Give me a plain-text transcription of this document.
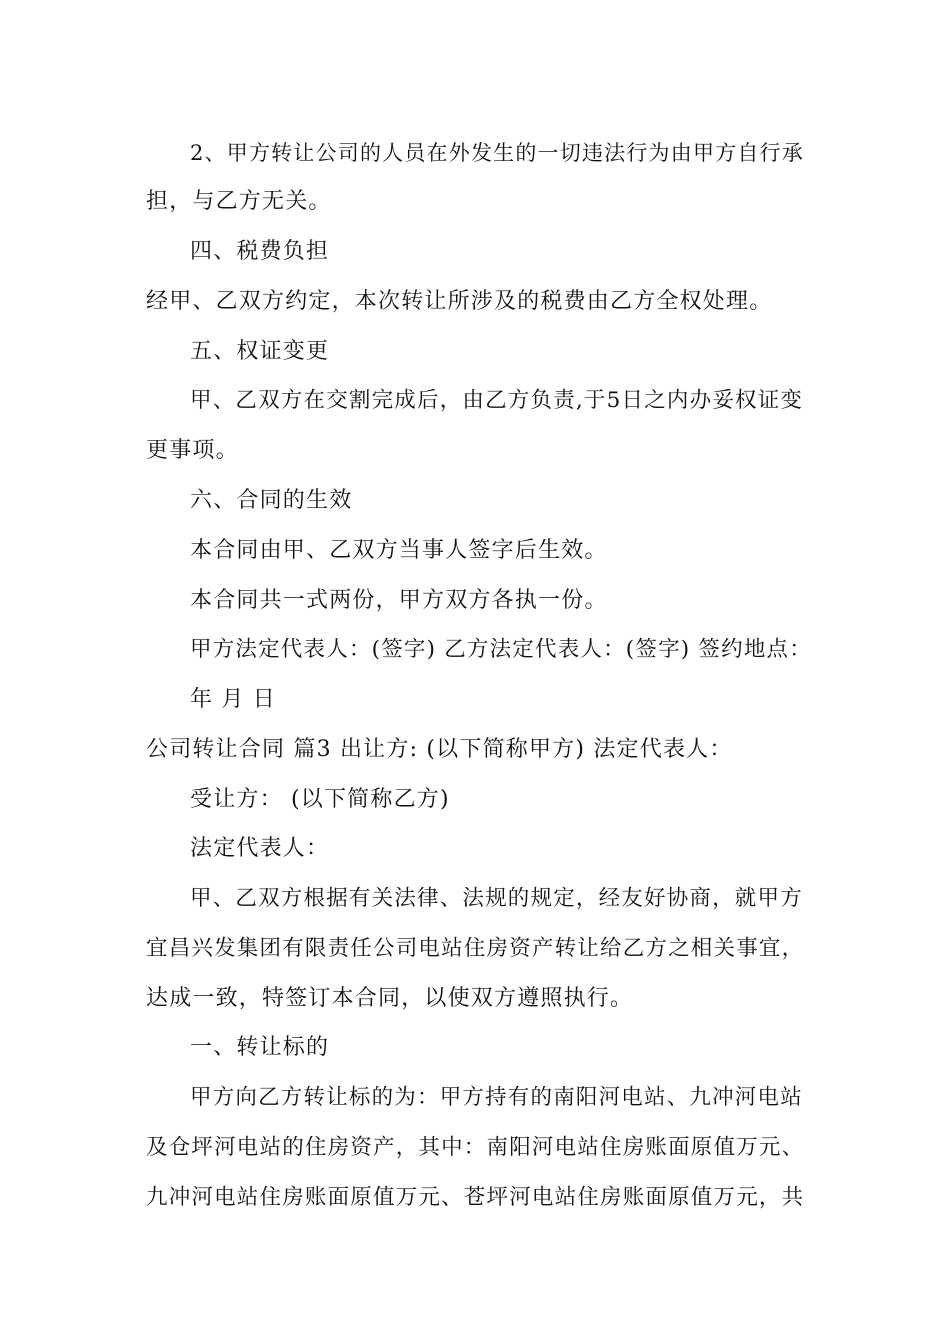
2、甲方转让公司的人员在外发生的一切违法行为由甲方自行承
担，与乙方无关。
四、税费负担
经甲、乙双方约定，本次转让所涉及的税费由乙方全权处理。
五、权证变更
甲、乙双方在交割完成后，由乙方负责,于5日之内办妥权证变
更事项。
六、合同的生效
本合同由甲、乙双方当事人签字后生效。
本合同共一式两份，甲方双方各执一份。
甲方法定代表人：(签字) 乙方法定代表人：(签字) 签约地点：
年 月 日
公司转让合同 篇3 出让方: (以下简称甲方) 法定代表人：
受让方： (以下简称乙方)
法定代表人：
甲、乙双方根据有关法律、法规的规定，经友好协商，就甲方
宜昌兴发集团有限责任公司电站住房资产转让给乙方之相关事宜，
达成一致，特签订本合同，以使双方遵照执行。
一、转让标的
甲方向乙方转让标的为：甲方持有的南阳河电站、九冲河电站
及仓坪河电站的住房资产，其中：南阳河电站住房账面原值万元、
九冲河电站住房账面原值万元、苍坪河电站住房账面原值万元，共
